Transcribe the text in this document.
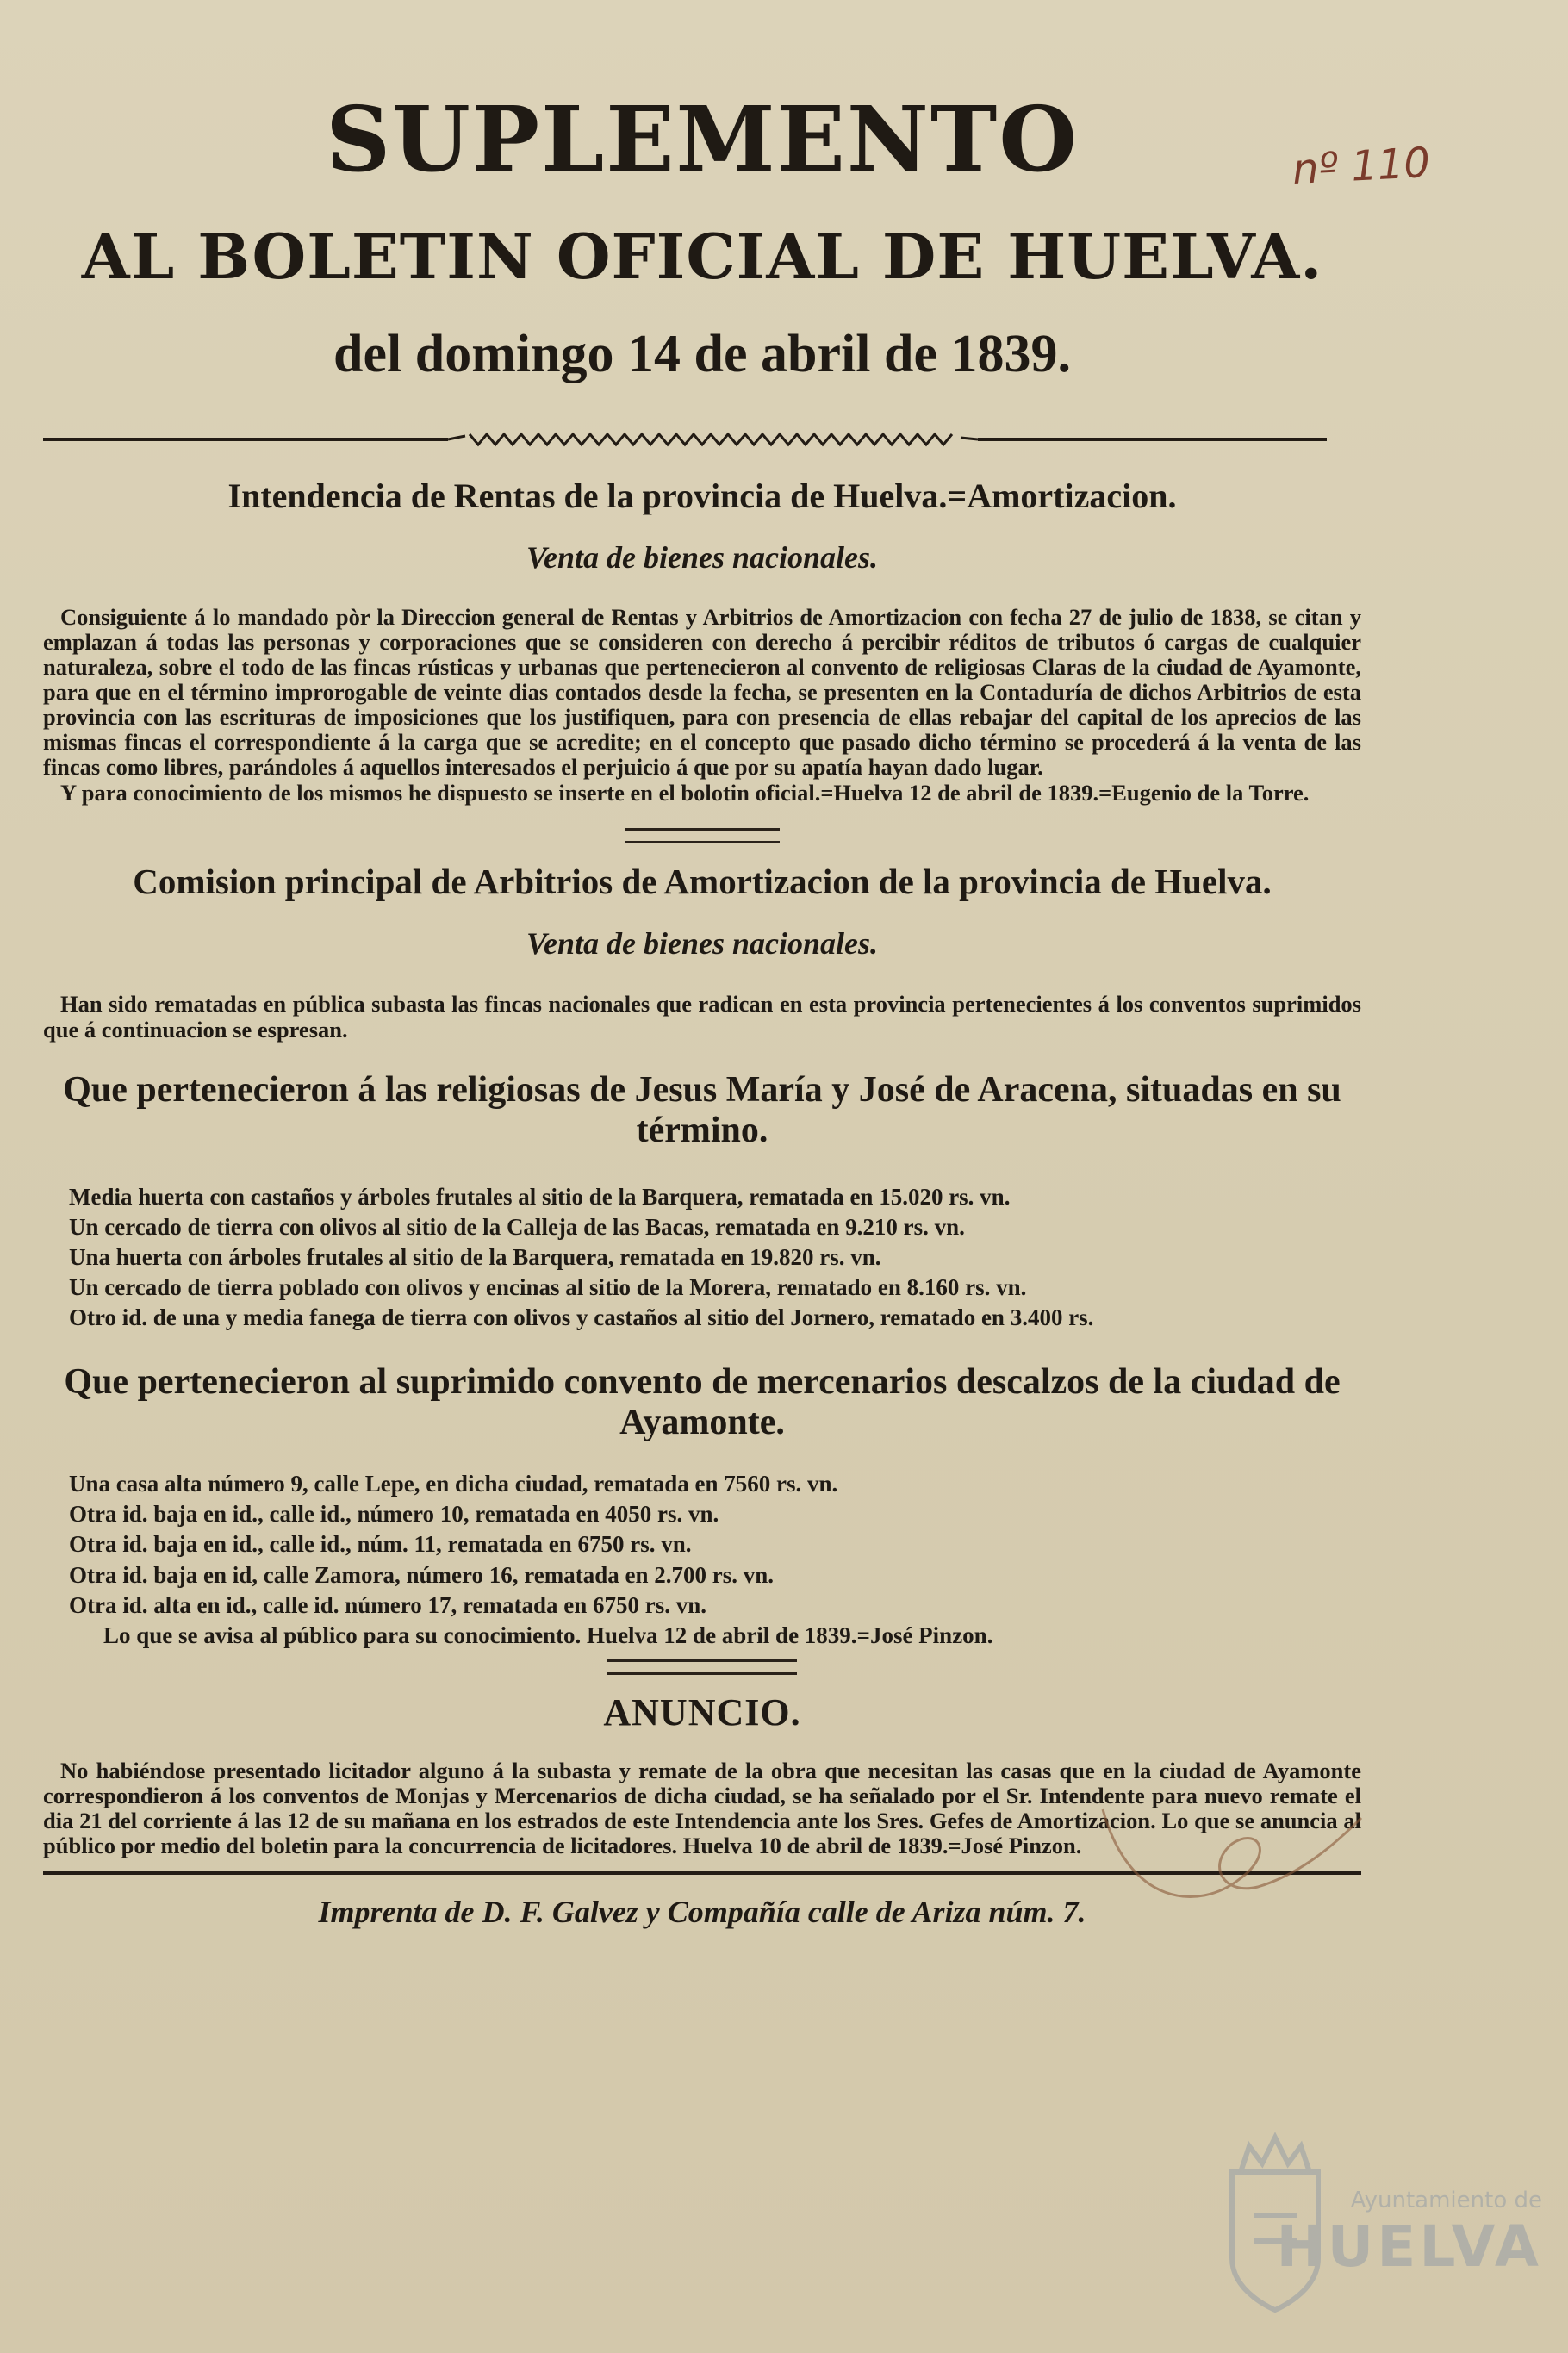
nº 110
SUPLEMENTO
AL BOLETIN OFICIAL DE HUELVA.
del domingo 14 de abril de 1839.
Intendencia de Rentas de la provincia de Huelva.=Amortizacion.
Venta de bienes nacionales.

Consiguiente á lo mandado pòr la Direccion general de Rentas y Arbitrios de Amortizacion con fecha 27 de julio de 1838, se citan y emplazan á todas las personas y corporaciones que se consideren con derecho á percibir réditos de tributos ó cargas de cualquier naturaleza, sobre el todo de las fincas rústicas y urbanas que pertenecieron al convento de religiosas Claras de la ciudad de Ayamonte, para que en el término improrogable de veinte dias contados desde la fecha, se presenten en la Contaduría de dichos Arbitrios de esta provincia con las escrituras de imposiciones que los justifiquen, para con presencia de ellas rebajar del capital de los aprecios de las mismas fincas el correspondiente á la carga que se acredite; en el concepto que pasado dicho término se procederá á la venta de las fincas como libres, parándoles á aquellos interesados el perjuicio á que por su apatía hayan dado lugar.

Y para conocimiento de los mismos he dispuesto se inserte en el bolotin oficial.=Huelva 12 de abril de 1839.=Eugenio de la Torre.

Comision principal de Arbitrios de Amortizacion de la provincia de Huelva.
Venta de bienes nacionales.

Han sido rematadas en pública subasta las fincas nacionales que radican en esta provincia pertenecientes á los conventos suprimidos que á continuacion se espresan.

Que pertenecieron á las religiosas de Jesus María y José de Aracena, situadas en su término.
Media huerta con castaños y árboles frutales al sitio de la Barquera, rematada en 15.020 rs. vn.
Un cercado de tierra con olivos al sitio de la Calleja de las Bacas, rematada en 9.210 rs. vn.
Una huerta con árboles frutales al sitio de la Barquera, rematada en 19.820 rs. vn.
Un cercado de tierra poblado con olivos y encinas al sitio de la Morera, rematado en 8.160 rs. vn.
Otro id. de una y media fanega de tierra con olivos y castaños al sitio del Jornero, rematado en 3.400 rs.
Que pertenecieron al suprimido convento de mercenarios descalzos de la ciudad de Ayamonte.
Una casa alta número 9, calle Lepe, en dicha ciudad, rematada en 7560 rs. vn.
Otra id. baja en id., calle id., número 10, rematada en 4050 rs. vn.
Otra id. baja en id., calle id., núm. 11, rematada en 6750 rs. vn.
Otra id. baja en id, calle Zamora, número 16, rematada en 2.700 rs. vn.
Otra id. alta en id., calle id. número 17, rematada en 6750 rs. vn.
Lo que se avisa al público para su conocimiento. Huelva 12 de abril de 1839.=José Pinzon.
ANUNCIO.

No habiéndose presentado licitador alguno á la subasta y remate de la obra que necesitan las casas que en la ciudad de Ayamonte correspondieron á los conventos de Monjas y Mercenarios de dicha ciudad, se ha señalado por el Sr. Intendente para nuevo remate el dia 21 del corriente á las 12 de su mañana en los estrados de este Intendencia ante los Sres. Gefes de Amortizacion. Lo que se anuncia al público por medio del boletin para la concurrencia de licitadores. Huelva 10 de abril de 1839.=José Pinzon.

Imprenta de D. F. Galvez y Compañía calle de Ariza núm. 7.
Ayuntamiento de
HUELVA
